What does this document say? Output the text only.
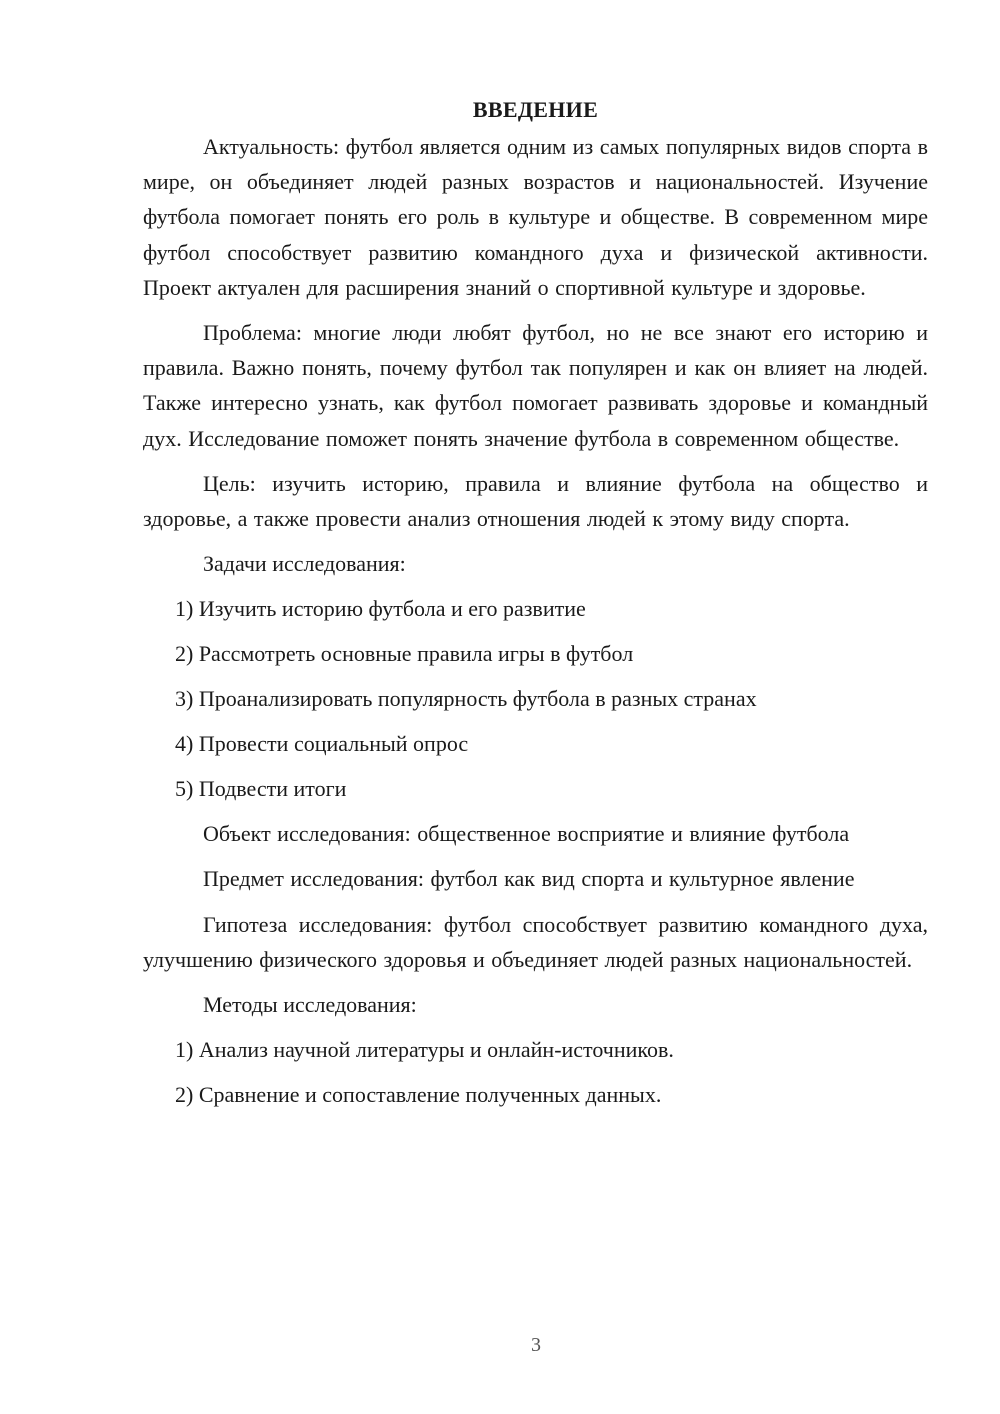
ВВЕДЕНИЕ

Актуальность: футбол является одним из самых популярных видов спорта в мире, он объединяет людей разных возрастов и национальностей. Изучение футбола помогает понять его роль в культуре и обществе. В современном мире футбол способствует развитию командного духа и физической активности. Проект актуален для расширения знаний о спортивной культуре и здоровье.

Проблема: многие люди любят футбол, но не все знают его историю и правила. Важно понять, почему футбол так популярен и как он влияет на людей. Также интересно узнать, как футбол помогает развивать здоровье и командный дух. Исследование поможет понять значение футбола в современном обществе.

Цель: изучить историю, правила и влияние футбола на общество и здоровье, а также провести анализ отношения людей к этому виду спорта.

Задачи исследования:

1) Изучить историю футбола и его развитие
2) Рассмотреть основные правила игры в футбол
3) Проанализировать популярность футбола в разных странах
4) Провести социальный опрос
5) Подвести итоги

Объект исследования: общественное восприятие и влияние футбола

Предмет исследования: футбол как вид спорта и культурное явление

Гипотеза исследования: футбол способствует развитию командного духа, улучшению физического здоровья и объединяет людей разных национальностей.

Методы исследования:

1) Анализ научной литературы и онлайн-источников.
2) Сравнение и сопоставление полученных данных.
3
